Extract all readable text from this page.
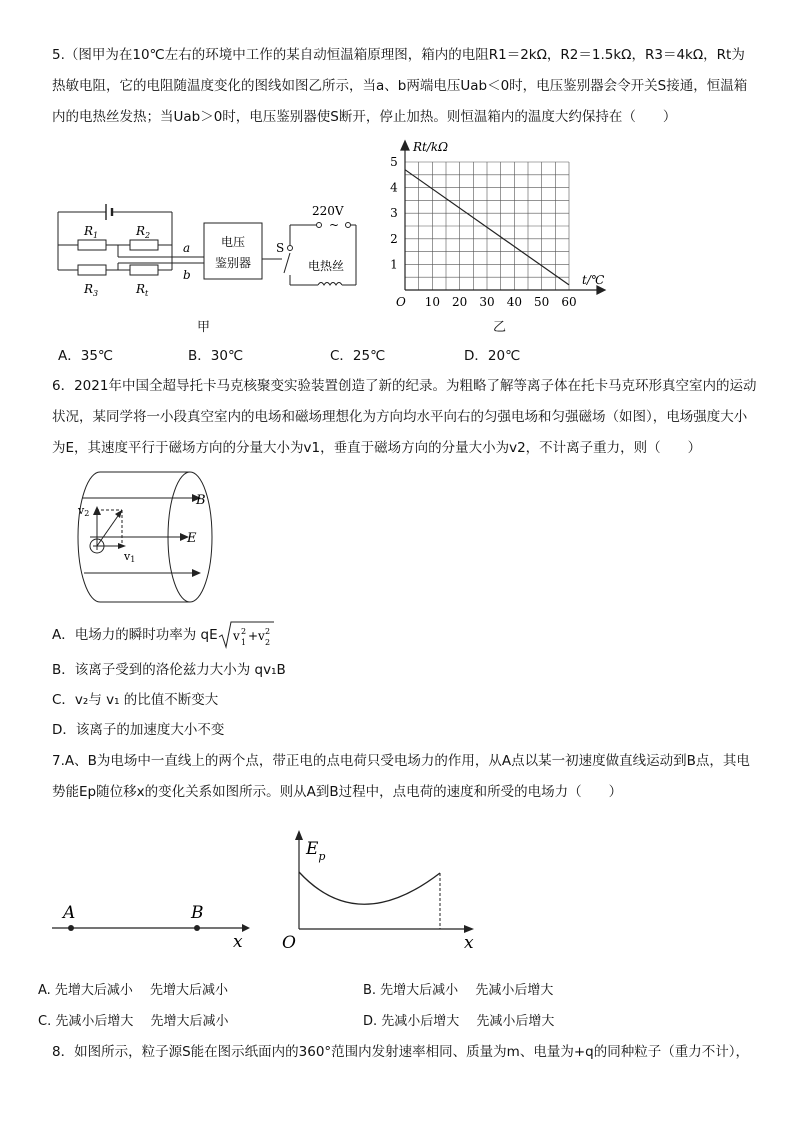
5.（图甲为在10℃左右的环境中工作的某自动恒温箱原理图，箱内的电阻R1＝2kΩ，R2＝1.5kΩ，R3＝4kΩ，Rt为热敏电阻，它的电阻随温度变化的图线如图乙所示，当a、b两端电压Uab＜0时，电压鉴别器会令开关S接通，恒温箱内的电热丝发热；当Uab＞0时，电压鉴别器使S断开，停止加热。则恒温箱内的温度大约保持在（　　）

$R_1$	$R_2$
$R_3$	$R_t$
a
b
电压
鉴别器
S
220V
~
电热丝
甲
10 20 30 40 50 60
1
2
3
4
5
Rt/kΩ
t/℃
O
乙
A．35℃	B．30℃	C．25℃	D．20℃

6．2021年中国全超导托卡马克核聚变实验装置创造了新的纪录。为粗略了解等离子体在托卡马克环形真空室内的运动状况，某同学将一小段真空室内的电场和磁场理想化为方向均水平向右的匀强电场和匀强磁场（如图），电场强度大小为E，其速度平行于磁场方向的分量大小为v1，垂直于磁场方向的分量大小为v2，不计离子重力，则（　　）

B
E
v2
v1
A．电场力的瞬时功率为 qE v 2
1 +v 2
2
B．该离子受到的洛伦兹力大小为 qv₁B
C．v₂与 v₁ 的比值不断变大
D．该离子的加速度大小不变

7.A、B为电场中一直线上的两个点，带正电的点电荷只受电场力的作用，从A点以某一初速度做直线运动到B点，其电势能Ep随位移x的变化关系如图所示。则从A到B过程中，点电荷的速度和所受的电场力（　　）

A	B
x
$E_p$
O	x
A. 先增大后减小　 先增大后减小	B. 先增大后减小　 先减小后增大
C. 先减小后增大　 先增大后减小	D. 先减小后增大　 先减小后增大

8．如图所示，粒子源S能在图示纸面内的360°范围内发射速率相同、质量为m、电量为+q的同种粒子（重力不计），
